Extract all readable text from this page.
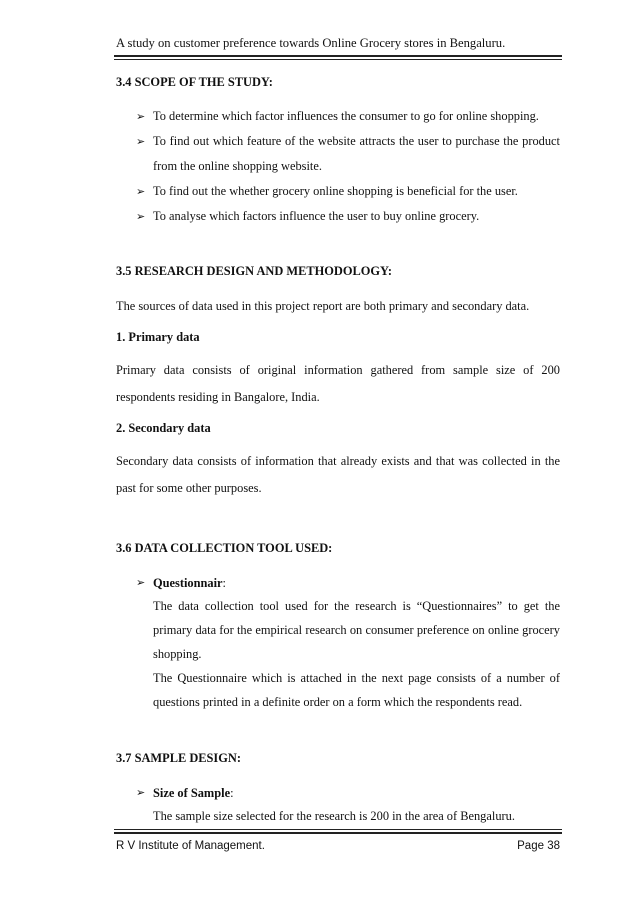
A study on customer preference towards Online Grocery stores in Bengaluru.

3.4 SCOPE OF THE STUDY:

➢ To determine which factor influences the consumer to go for online shopping.
➢ To find out which feature of the website attracts the user to purchase the product from the online shopping website.
➢ To find out the whether grocery online shopping is beneficial for the user.
➢ To analyse which factors influence the user to buy online grocery.

3.5 RESEARCH DESIGN AND METHODOLOGY:

The sources of data used in this project report are both primary and secondary data.

1. Primary data

Primary data consists of original information gathered from sample size of 200 respondents residing in Bangalore, India.

2. Secondary data

Secondary data consists of information that already exists and that was collected in the past for some other purposes.

3.6 DATA COLLECTION TOOL USED:

➢ Questionnair:

The data collection tool used for the research is “Questionnaires” to get the primary data for the empirical research on consumer preference on online grocery shopping.

The Questionnaire which is attached in the next page consists of a number of questions printed in a definite order on a form which the respondents read.

3.7 SAMPLE DESIGN:

➢ Size of Sample:

The sample size selected for the research is 200 in the area of Bengaluru.

R V Institute of Management.	Page 38
